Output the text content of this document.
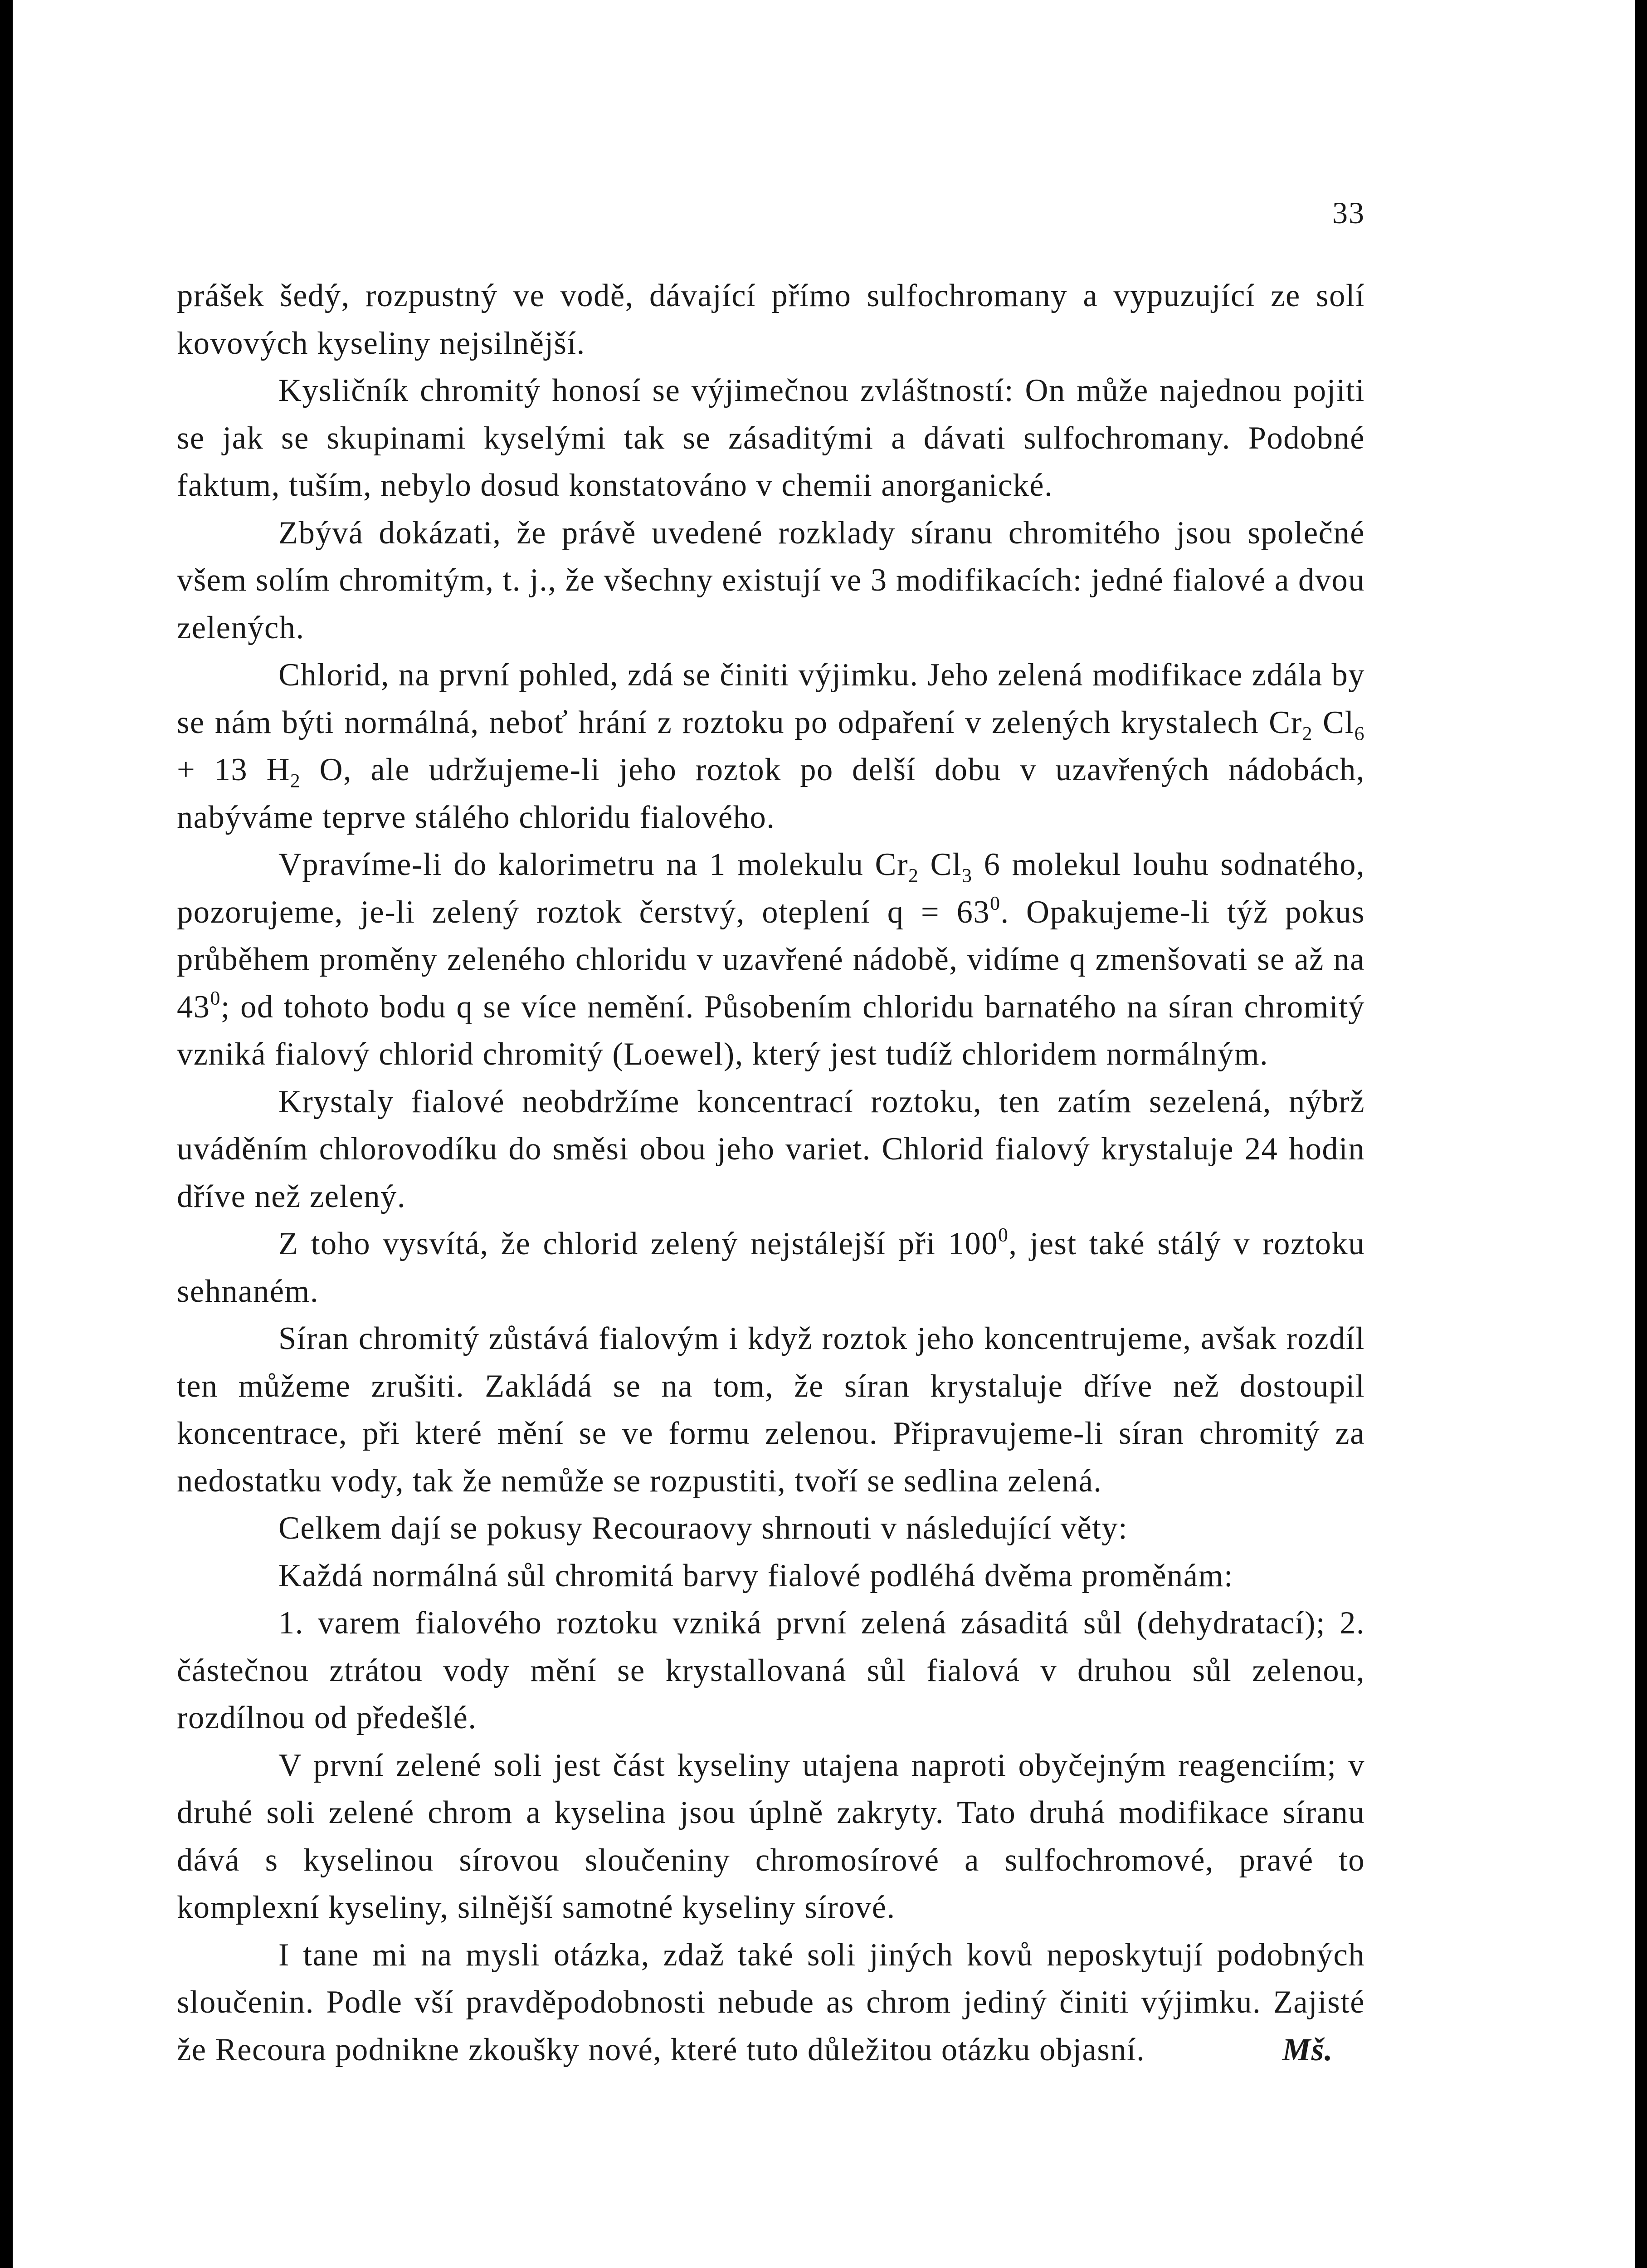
33

prášek šedý, rozpustný ve vodě, dávající přímo sulfochromany a vypuzující ze solí kovových kyseliny nejsilnější.

Kysličník chromitý honosí se výjimečnou zvláštností: On může najednou pojiti se jak se skupinami kyselými tak se zásaditými a dávati sulfochromany. Podobné faktum, tuším, nebylo dosud konstatováno v chemii anorganické.

Zbývá dokázati, že právě uvedené rozklady síranu chromitého jsou společné všem solím chromitým, t. j., že všechny existují ve 3 modifikacích: jedné fialové a dvou zelených.

Chlorid, na první pohled, zdá se činiti výjimku. Jeho zelená modifikace zdála by se nám býti normálná, neboť hrání z roztoku po odpaření v zelených krystalech $Cr_2$ $Cl_6 + 13$ $H_2$ O, ale udržujeme-li jeho roztok po delší dobu v uzavřených nádobách, nabýváme teprve stálého chloridu fialového.

Vpravíme-li do kalorimetru na 1 molekulu $Cr_2$ $Cl_3$ 6 molekul louhu sodnatého, pozorujeme, je-li zelený roztok čerstvý, oteplení $q = 63^0$. Opakujeme-li týž pokus průběhem proměny zeleného chloridu v uzavřené nádobě, vidíme q zmenšovati se až na $43^0$; od tohoto bodu q se více nemění. Působením chloridu barnatého na síran chromitý vzniká fialový chlorid chromitý (Loewel), který jest tudíž chloridem normálným.

Krystaly fialové neobdržíme koncentrací roztoku, ten zatím sezelená, nýbrž uváděním chlorovodíku do směsi obou jeho variet. Chlorid fialový krystaluje 24 hodin dříve než zelený.

Z toho vysvítá, že chlorid zelený nejstálejší při $100^0$, jest také stálý v roztoku sehnaném.

Síran chromitý zůstává fialovým i když roztok jeho koncentrujeme, avšak rozdíl ten můžeme zrušiti. Zakládá se na tom, že síran krystaluje dříve než dostoupil koncentrace, při které mění se ve formu zelenou. Připravujeme-li síran chromitý za nedostatku vody, tak že nemůže se rozpustiti, tvoří se sedlina zelená.

Celkem dají se pokusy Recouraovy shrnouti v následující věty:

Každá normálná sůl chromitá barvy fialové podléhá dvěma proměnám:

1. varem fialového roztoku vzniká první zelená zásaditá sůl (dehydratací); 2. částečnou ztrátou vody mění se krystallovaná sůl fialová v druhou sůl zelenou, rozdílnou od předešlé.

V první zelené soli jest část kyseliny utajena naproti obyčejným reagenciím; v druhé soli zelené chrom a kyselina jsou úplně zakryty. Tato druhá modifikace síranu dává s kyselinou sírovou sloučeniny chromosírové a sulfochromové, pravé to komplexní kyseliny, silnější samotné kyseliny sírové.

I tane mi na mysli otázka, zdaž také soli jiných kovů neposkytují podobných sloučenin. Podle vší pravděpodobnosti nebude as chrom jediný činiti výjimku. Zajisté že Recoura podnikne zkoušky nové, které tuto důležitou otázku objasní.	Mš.
